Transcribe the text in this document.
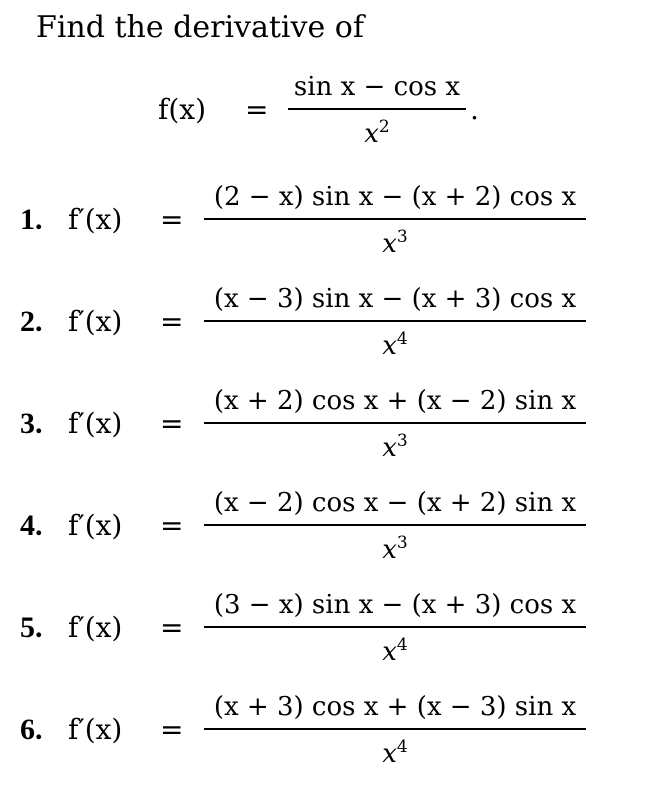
Find the derivative of
f(x) =
sin x − cos x
$x^2$
.
1. f′(x) =
(2 − x) sin x − (x + 2) cos x
$x^3$
2. f′(x) =
(x − 3) sin x − (x + 3) cos x
$x^4$
3. f′(x) =
(x + 2) cos x + (x − 2) sin x
$x^3$
4. f′(x) =
(x − 2) cos x − (x + 2) sin x
$x^3$
5. f′(x) =
(3 − x) sin x − (x + 3) cos x
$x^4$
6. f′(x) =
(x + 3) cos x + (x − 3) sin x
$x^4$
